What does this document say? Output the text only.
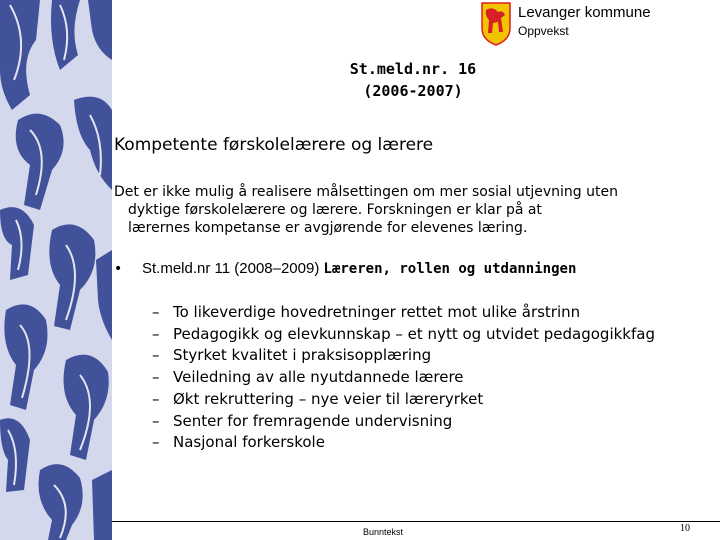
Levanger kommune
Oppvekst
St.meld.nr. 16
(2006-2007)
Kompetente førskolelærere og lærere
Det er ikke mulig å realisere målsettingen om mer sosial utjevning uten
dyktige førskolelærere og lærere. Forskningen er klar på at
lærernes kompetanse er avgjørende for elevenes læring.
• St.meld.nr 11 (2008–2009) Læreren, rollen og utdanningen
– To likeverdige hovedretninger rettet mot ulike årstrinn
– Pedagogikk og elevkunnskap – et nytt og utvidet pedagogikkfag
– Styrket kvalitet i praksisopplæring
– Veiledning av alle nyutdannede lærere
– Økt rekruttering – nye veier til læreryrket
– Senter for fremragende undervisning
– Nasjonal forkerskole
Bunntekst	10
